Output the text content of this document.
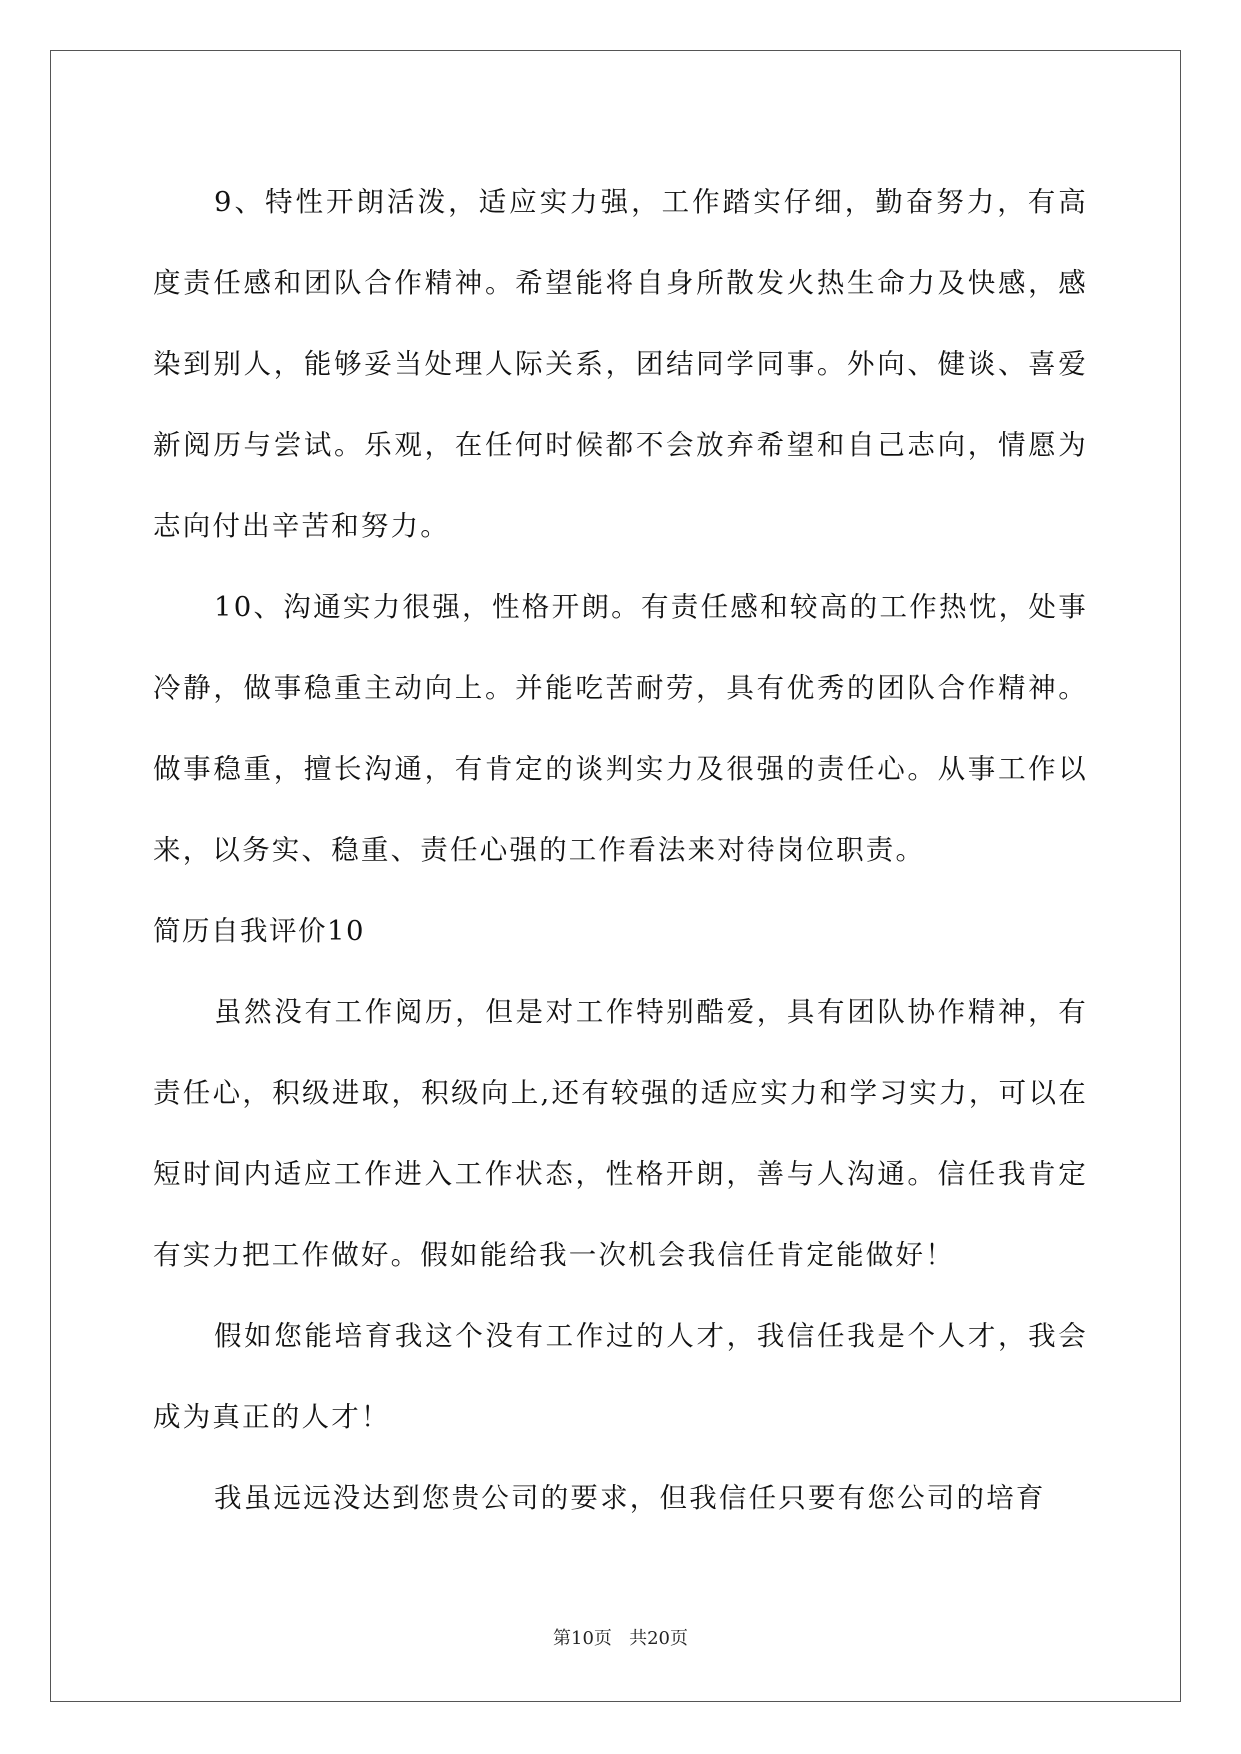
9、特性开朗活泼，适应实力强，工作踏实仔细，勤奋努力，有高度责任感和团队合作精神。希望能将自身所散发火热生命力及快感，感染到别人，能够妥当处理人际关系，团结同学同事。外向、健谈、喜爱新阅历与尝试。乐观，在任何时候都不会放弃希望和自己志向，情愿为志向付出辛苦和努力。

10、沟通实力很强，性格开朗。有责任感和较高的工作热忱，处事冷静，做事稳重主动向上。并能吃苦耐劳，具有优秀的团队合作精神。做事稳重，擅长沟通，有肯定的谈判实力及很强的责任心。从事工作以来，以务实、稳重、责任心强的工作看法来对待岗位职责。

简历自我评价10

虽然没有工作阅历，但是对工作特别酷爱，具有团队协作精神，有责任心，积级进取，积级向上,还有较强的适应实力和学习实力，可以在短时间内适应工作进入工作状态，性格开朗，善与人沟通。信任我肯定有实力把工作做好。假如能给我一次机会我信任肯定能做好！

假如您能培育我这个没有工作过的人才，我信任我是个人才，我会成为真正的人才！

我虽远远没达到您贵公司的要求，但我信任只要有您公司的培育

第10页 共20页
